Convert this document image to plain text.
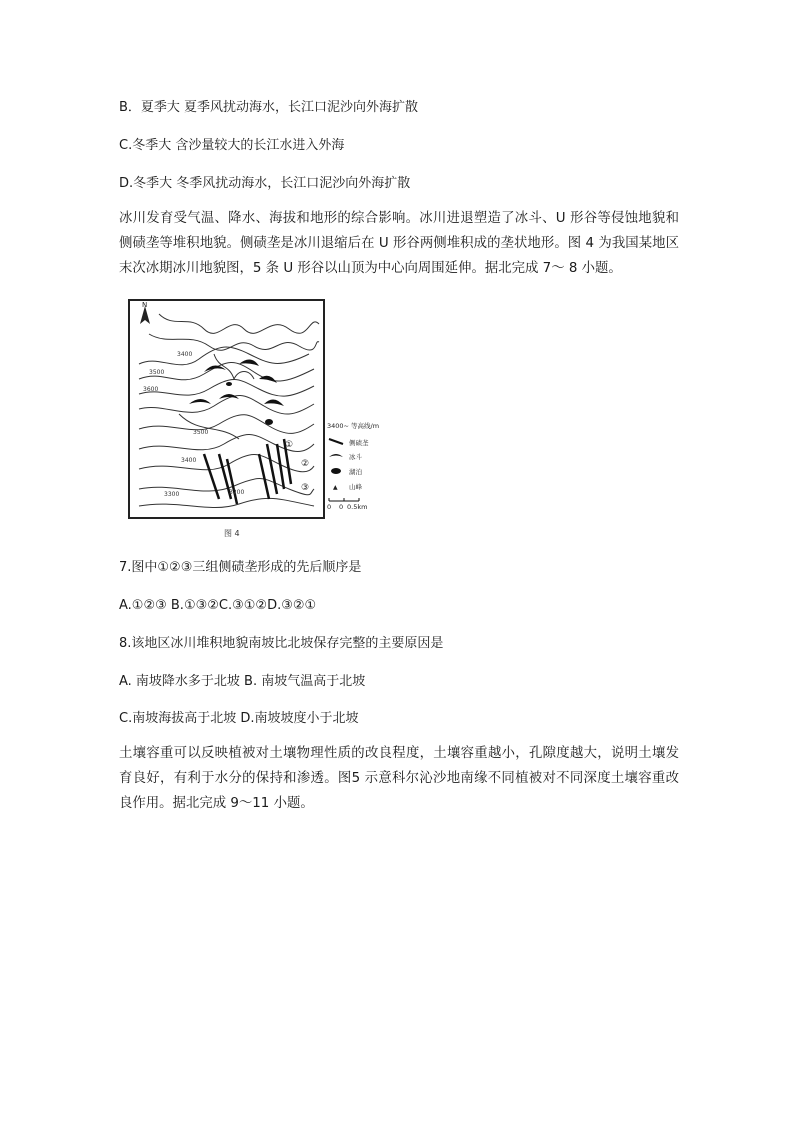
B．夏季大 夏季风扰动海水，长江口泥沙向外海扩散
C.冬季大 含沙量较大的长江水进入外海
D.冬季大 冬季风扰动海水，长江口泥沙向外海扩散
冰川发育受气温、降水、海拔和地形的综合影响。冰川进退塑造了冰斗、U 形谷等侵蚀地貌和侧碛垄等堆积地貌。侧碛垄是冰川退缩后在 U 形谷两侧堆积成的垄状地形。图 4 为我国某地区末次冰期冰川地貌图，5 条 U 形谷以山顶为中心向周围延伸。据北完成 7～ 8 小题。
N
3400
3500
3600
3500
3400
3300	3200
①
②
③
3400~ 等高线/m
侧碛垄
冰斗
湖泊
▲ 山峰
0 0 0.5km
图 4
7.图中①②③三组侧碛垄形成的先后顺序是
A.①②③ B.①③②C.③①②D.③②①
8.该地区冰川堆积地貌南坡比北坡保存完整的主要原因是
A. 南坡降水多于北坡 B. 南坡气温高于北坡
C.南坡海拔高于北坡 D.南坡坡度小于北坡
土壤容重可以反映植被对土壤物理性质的改良程度，土壤容重越小，孔隙度越大，说明土壤发育良好，有利于水分的保持和渗透。图5 示意科尔沁沙地南缘不同植被对不同深度土壤容重改良作用。据北完成 9～11 小题。
